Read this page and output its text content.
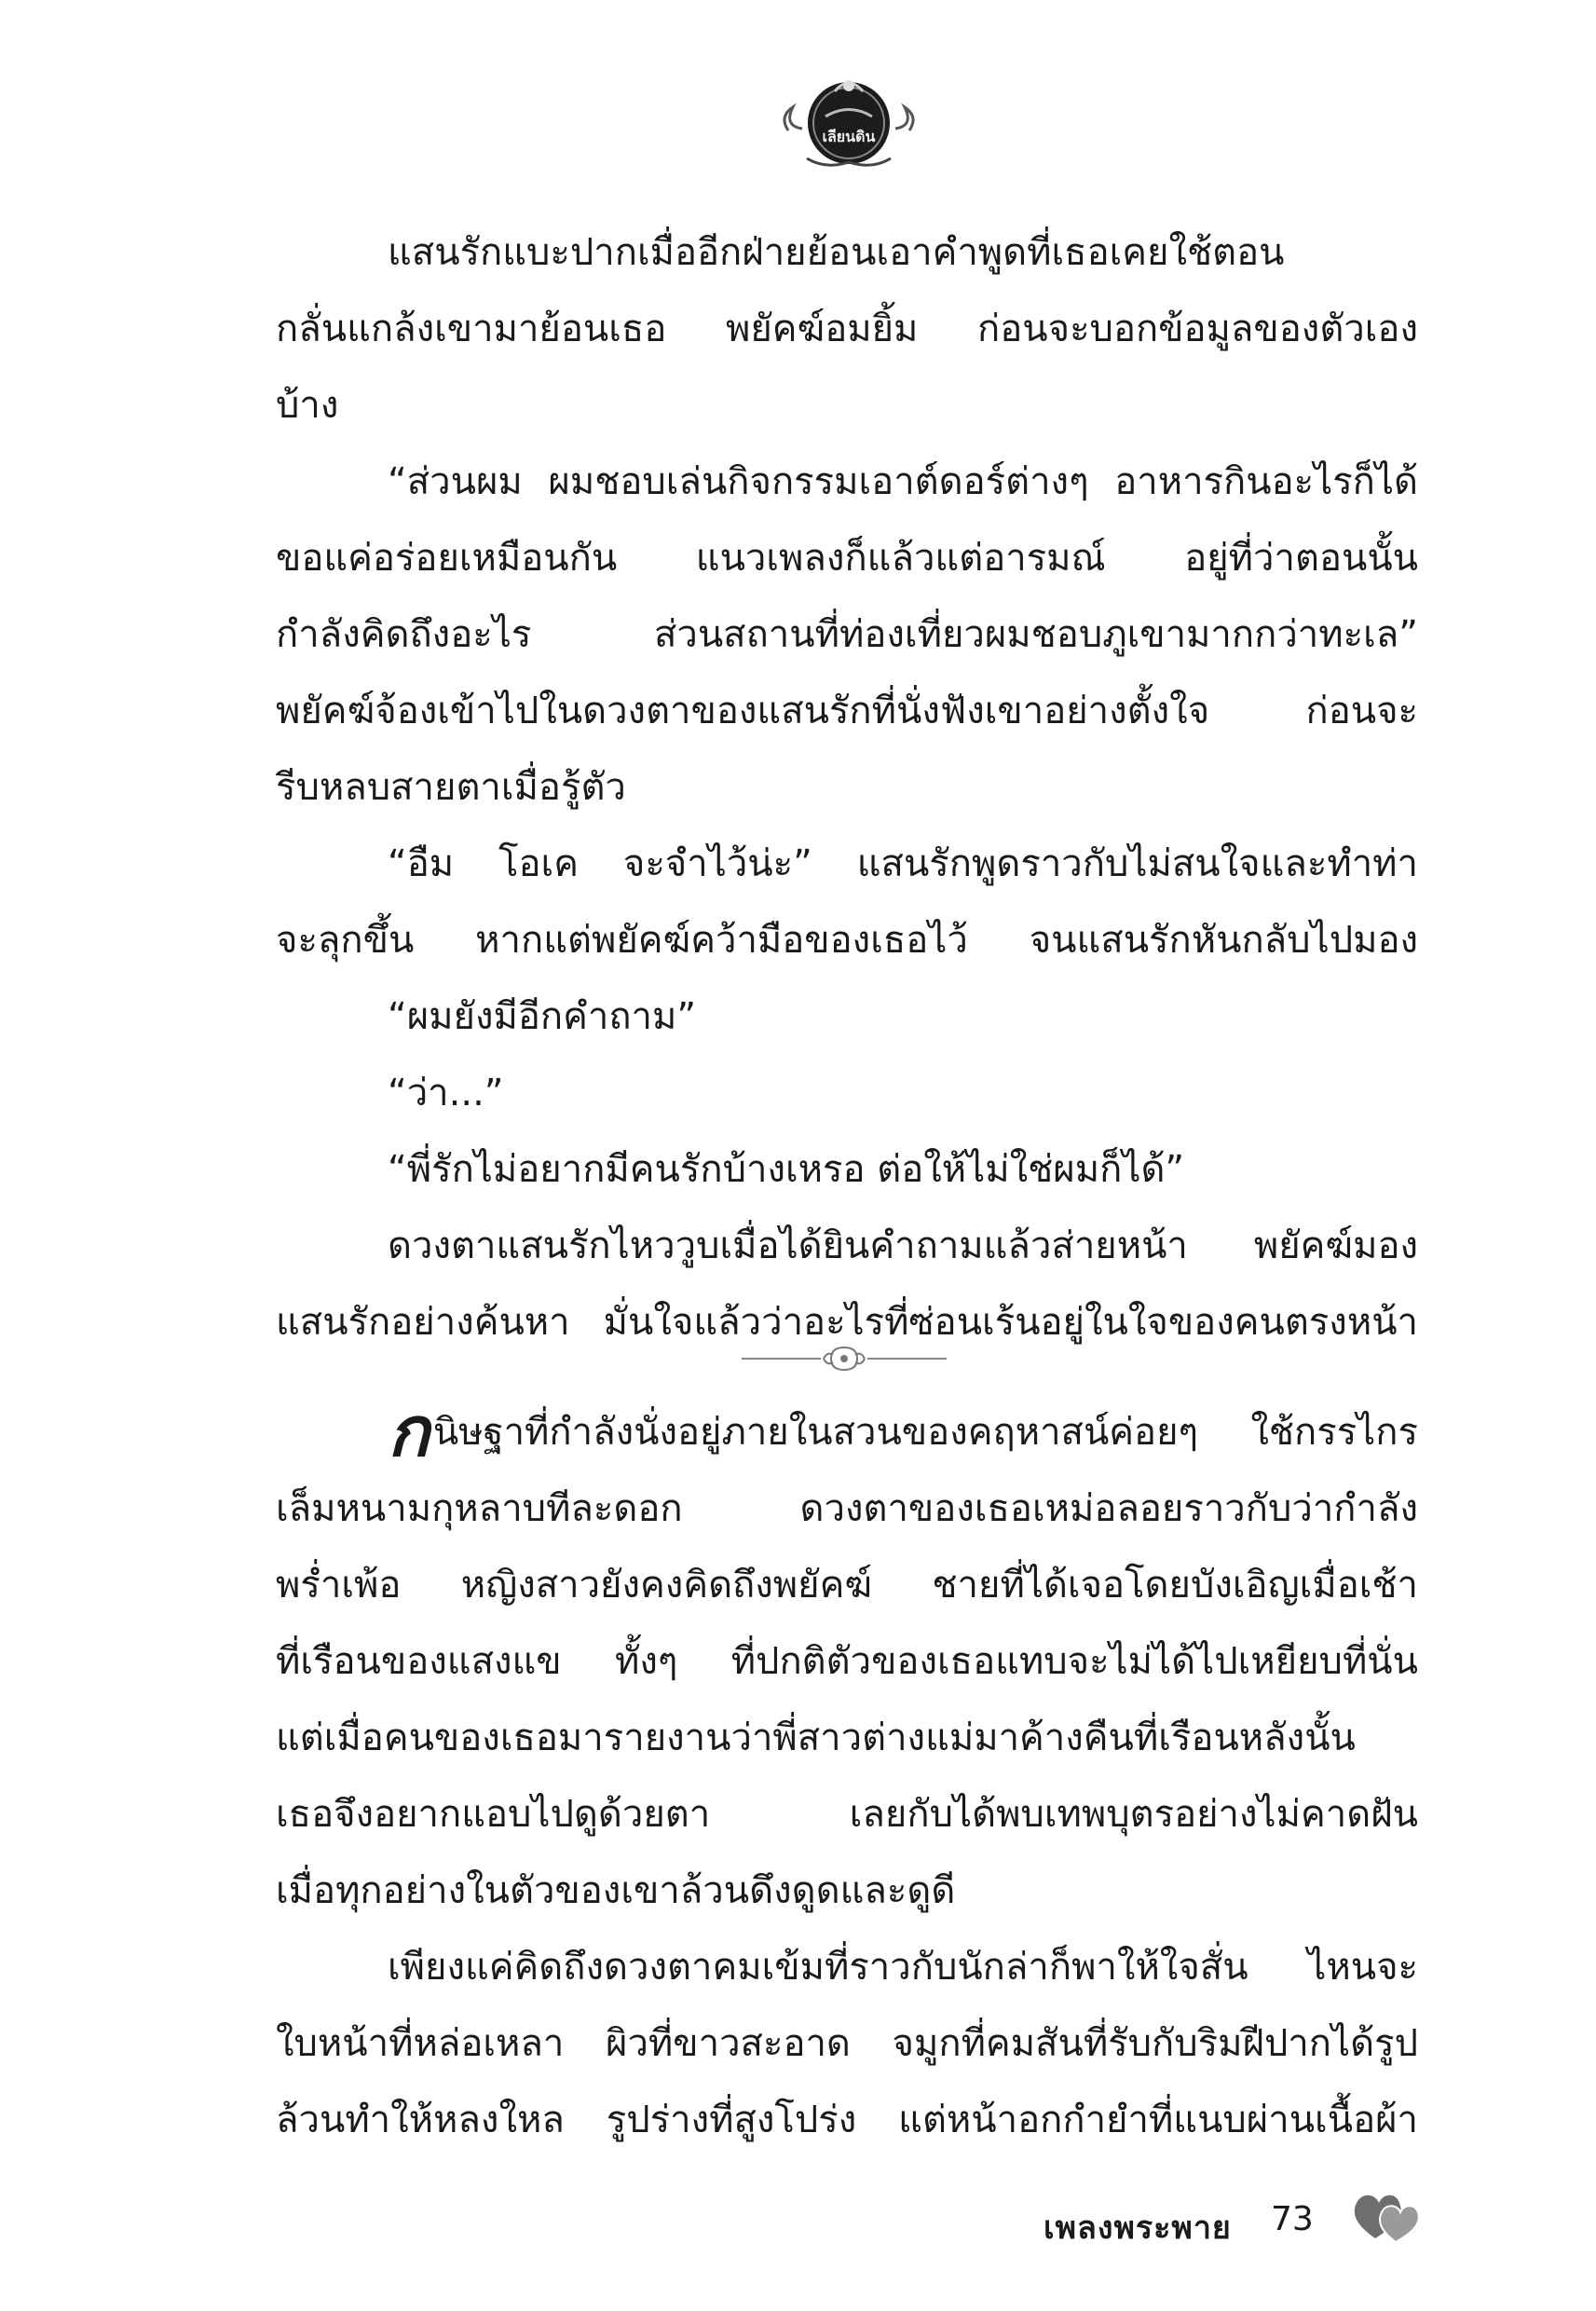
เลียนดิน
แสนรักแบะปากเมื่ออีกฝ่ายย้อนเอาคำพูดที่เธอเคยใช้ตอน
กลั่นแกล้งเขามาย้อนเธอ พยัคฆ์อมยิ้ม ก่อนจะบอกข้อมูลของตัวเอง
บ้าง
“ส่วนผม ผมชอบเล่นกิจกรรมเอาต์ดอร์ต่างๆ อาหารกินอะไรก็ได้
ขอแค่อร่อยเหมือนกัน แนวเพลงก็แล้วแต่อารมณ์ อยู่ที่ว่าตอนนั้น
กำลังคิดถึงอะไร ส่วนสถานที่ท่องเที่ยวผมชอบภูเขามากกว่าทะเล”
พยัคฆ์จ้องเข้าไปในดวงตาของแสนรักที่นั่งฟังเขาอย่างตั้งใจ ก่อนจะ
รีบหลบสายตาเมื่อรู้ตัว
“อืม โอเค จะจำไว้น่ะ” แสนรักพูดราวกับไม่สนใจและทำท่า
จะลุกขึ้น หากแต่พยัคฆ์คว้ามือของเธอไว้ จนแสนรักหันกลับไปมอง
“ผมยังมีอีกคำถาม”
“ว่า...”
“พี่รักไม่อยากมีคนรักบ้างเหรอ ต่อให้ไม่ใช่ผมก็ได้”
ดวงตาแสนรักไหววูบเมื่อได้ยินคำถามแล้วส่ายหน้า พยัคฆ์มอง
แสนรักอย่างค้นหา มั่นใจแล้วว่าอะไรที่ซ่อนเร้นอยู่ในใจของคนตรงหน้า
กนิษฐาที่กำลังนั่งอยู่ภายในสวนของคฤหาสน์ค่อยๆ ใช้กรรไกร
เล็มหนามกุหลาบทีละดอก ดวงตาของเธอเหม่อลอยราวกับว่ากำลัง
พร่ำเพ้อ หญิงสาวยังคงคิดถึงพยัคฆ์ ชายที่ได้เจอโดยบังเอิญเมื่อเช้า
ที่เรือนของแสงแข ทั้งๆ ที่ปกติตัวของเธอแทบจะไม่ได้ไปเหยียบที่นั่น
แต่เมื่อคนของเธอมารายงานว่าพี่สาวต่างแม่มาค้างคืนที่เรือนหลังนั้น
เธอจึงอยากแอบไปดูด้วยตา เลยกับได้พบเทพบุตรอย่างไม่คาดฝัน
เมื่อทุกอย่างในตัวของเขาล้วนดึงดูดและดูดี
เพียงแค่คิดถึงดวงตาคมเข้มที่ราวกับนักล่าก็พาให้ใจสั่น ไหนจะ
ใบหน้าที่หล่อเหลา ผิวที่ขาวสะอาด จมูกที่คมสันที่รับกับริมฝีปากได้รูป
ล้วนทำให้หลงใหล รูปร่างที่สูงโปร่ง แต่หน้าอกกำยำที่แนบผ่านเนื้อผ้า
เพลงพระพาย 73
